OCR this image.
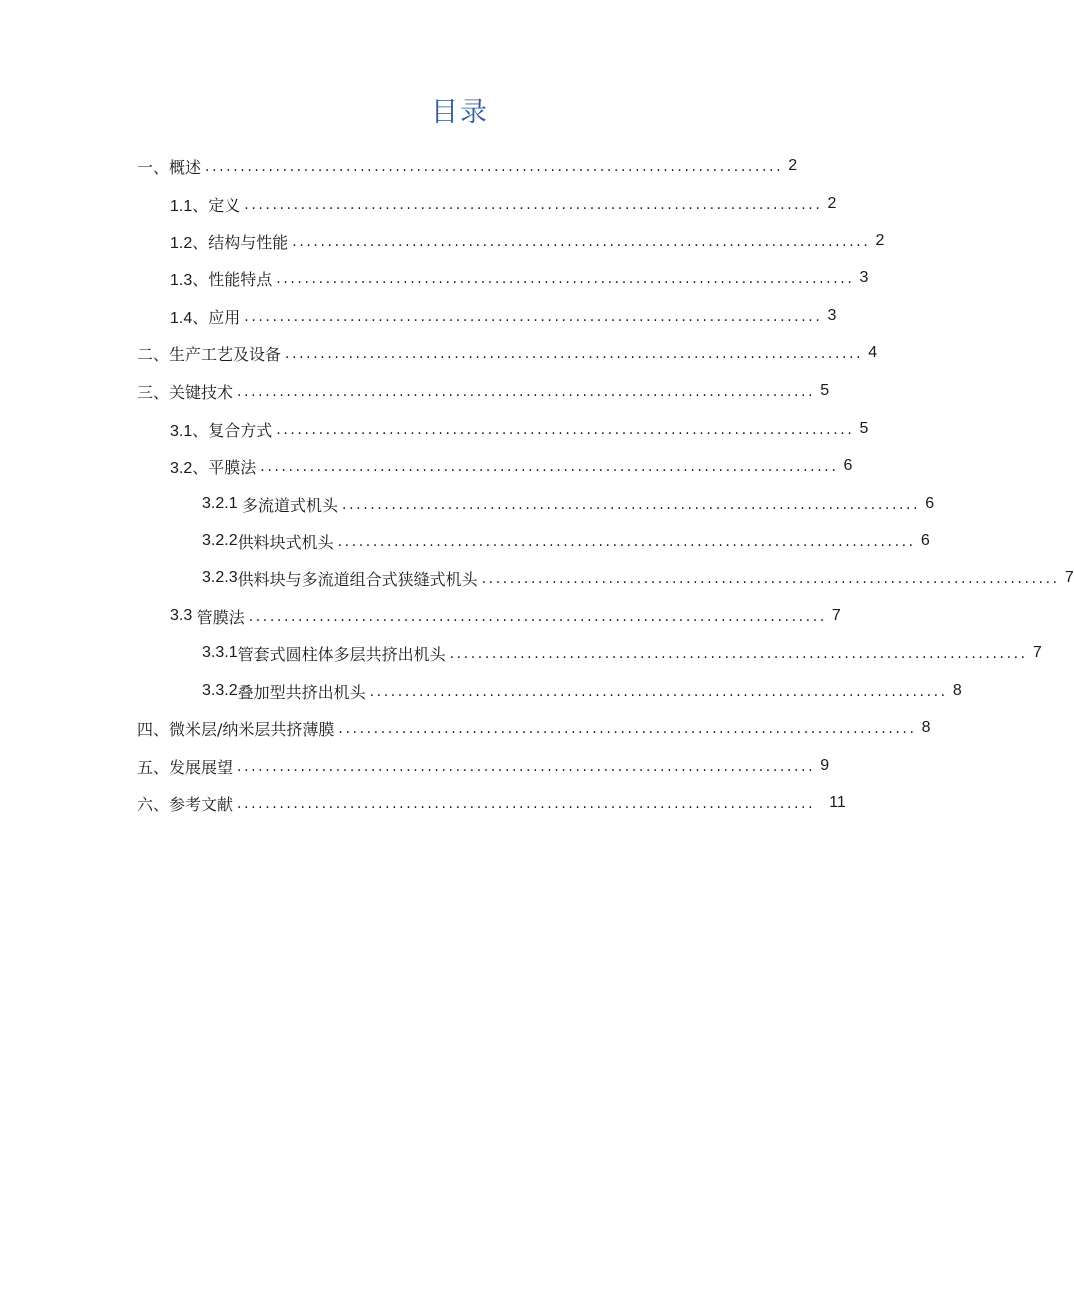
目录
一、 概述 .................................................................................. 2
1.1、 定义 .................................................................................. 2
1.2、 结构与性能 .................................................................................. 2
1.3、 性能特点 .................................................................................. 3
1.4、 应用 .................................................................................. 3
二、 生产工艺及设备 .................................................................................. 4
三、 关键技术 .................................................................................. 5
3.1、 复合方式 .................................................................................. 5
3.2、 平膜法 .................................................................................. 6
3.2.1 多流道式机头 .................................................................................. 6
3.2.2 供料块式机头 .................................................................................. 6
3.2.3 供料块与多流道组合式狭缝式机头 .................................................................................. 7
3.3 管膜法 .................................................................................. 7
3.3.1 管套式圆柱体多层共挤出机头 .................................................................................. 7
3.3.2 叠加型共挤出机头 .................................................................................. 8
四、 微米层/纳米层共挤薄膜 .................................................................................. 8
五、 发展展望 .................................................................................. 9
六、 参考文献 .................................................................................. 11
